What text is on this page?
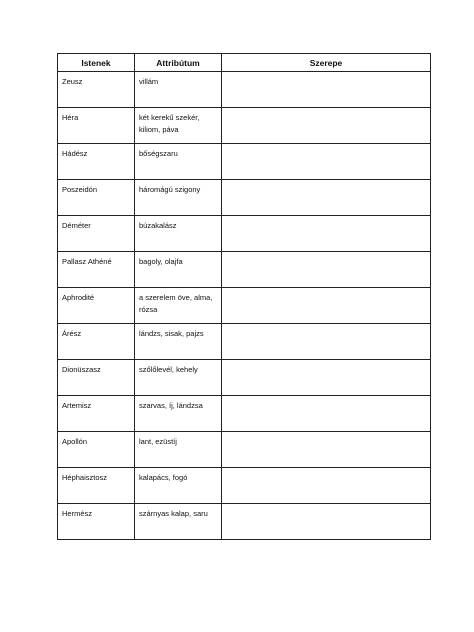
Istenek	Attribútum	Szerepe

Zeusz	villám	

Héra	két kerekű szekér, kiliom, páva	

Hádész	bőségszaru	

Poszeidón	háromágú szigony	

Déméter	búzakalász	

Pallasz Athéné	bagoly, olajfa	

Aphrodité	a szerelem öve, alma, rózsa	

Árész	lándzs, sisak, pajzs	

Dionüszasz	szőlőlevél, kehely	

Artemisz	szarvas, íj, lándzsa	

Apollón	lant, ezüstíj	

Héphaisztosz	kalapács, fogó	

Hermész	szárnyas kalap, saru	
